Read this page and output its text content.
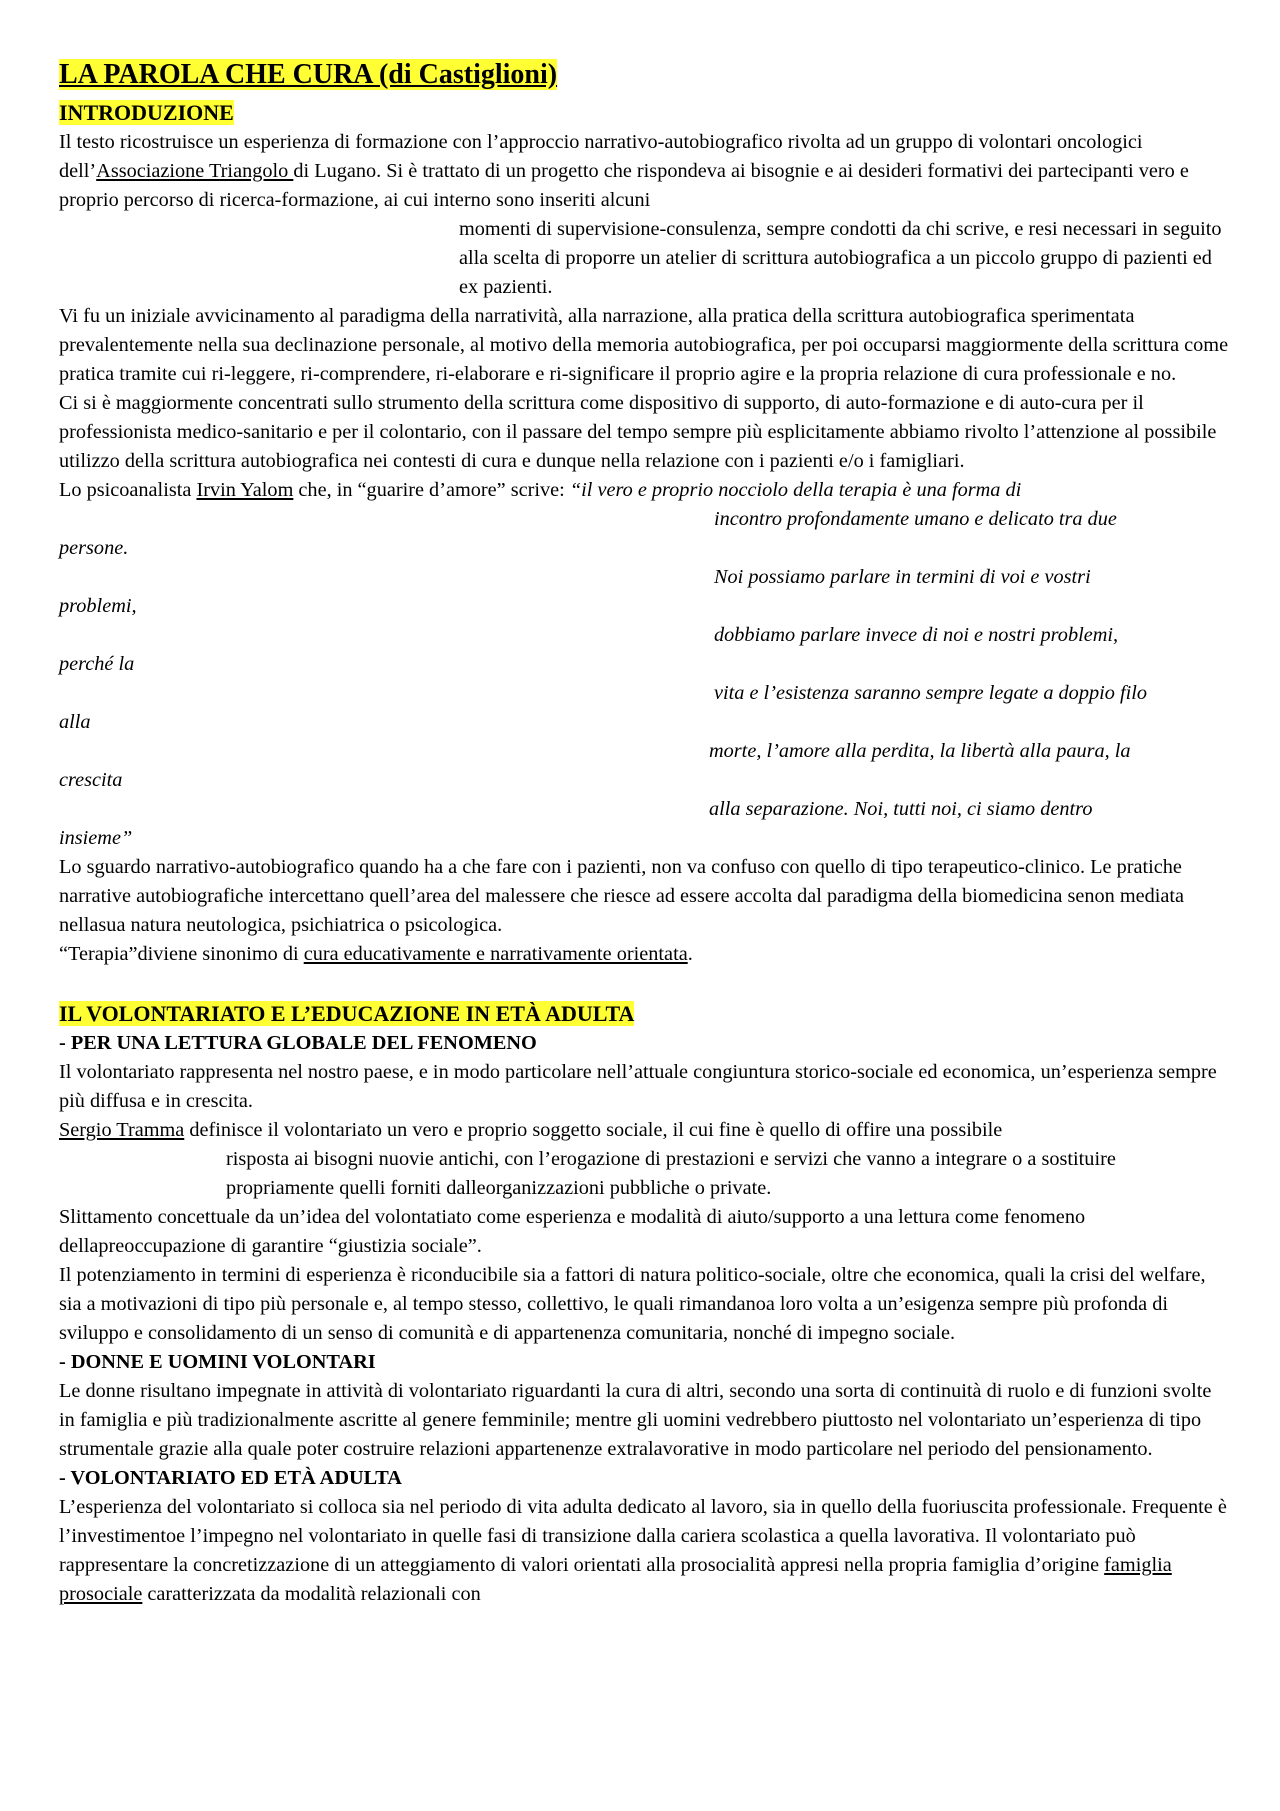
LA PAROLA CHE CURA (di Castiglioni)

INTRODUZIONE

Il testo ricostruisce un esperienza di formazione con l’approccio narrativo-autobiografico rivolta ad un gruppo di volontari oncologici dell’Associazione Triangolo di Lugano. Si è trattato di un progetto che rispondeva ai bisognie e ai desideri formativi dei partecipanti vero e proprio percorso di ricerca-formazione, ai cui interno sono inseriti alcuni

momenti di supervisione-consulenza, sempre condotti da chi scrive, e resi necessari in seguito alla scelta di proporre un atelier di scrittura autobiografica a un piccolo gruppo di pazienti ed ex pazienti.

Vi fu un iniziale avvicinamento al paradigma della narratività, alla narrazione, alla pratica della scrittura autobiografica sperimentata prevalentemente nella sua declinazione personale, al motivo della memoria autobiografica, per poi occuparsi maggiormente della scrittura come pratica tramite cui ri-leggere, ri-comprendere, ri-elaborare e ri-significare il proprio agire e la propria relazione di cura professionale e no.

Ci si è maggiormente concentrati sullo strumento della scrittura come dispositivo di supporto, di auto-formazione e di auto-cura per il professionista medico-sanitario e per il colontario, con il passare del tempo sempre più esplicitamente abbiamo rivolto l’attenzione al possibile utilizzo della scrittura autobiografica nei contesti di cura e dunque nella relazione con i pazienti e/o i famigliari.

Lo psicoanalista Irvin Yalom che, in “guarire d’amore” scrive: “il vero e proprio nocciolo della terapia è una forma di

incontro profondamente umano e delicato tra due

persone.

Noi possiamo parlare in termini di voi e vostri

problemi,

dobbiamo parlare invece di noi e nostri problemi,

perché la

vita e l’esistenza saranno sempre legate a doppio filo

alla

morte, l’amore alla perdita, la libertà alla paura, la

crescita

alla separazione. Noi, tutti noi, ci siamo dentro

insieme”

Lo sguardo narrativo-autobiografico quando ha a che fare con i pazienti, non va confuso con quello di tipo terapeutico-clinico. Le pratiche narrative autobiografiche intercettano quell’area del malessere che riesce ad essere accolta dal paradigma della biomedicina senon mediata nellasua natura neutologica, psichiatrica o psicologica.

“Terapia”diviene sinonimo di cura educativamente e narrativamente orientata.

IL VOLONTARIATO E L’EDUCAZIONE IN ETÀ ADULTA

- PER UNA LETTURA GLOBALE DEL FENOMENO

Il volontariato rappresenta nel nostro paese, e in modo particolare nell’attuale congiuntura storico-sociale ed economica, un’esperienza sempre più diffusa e in crescita.

Sergio Tramma definisce il volontariato un vero e proprio soggetto sociale, il cui fine è quello di offire una possibile

risposta ai bisogni nuovie antichi, con l’erogazione di prestazioni e servizi che vanno a integrare o a sostituire propriamente quelli forniti dalleorganizzazioni pubbliche o private.

Slittamento concettuale da un’idea del volontatiato come esperienza e modalità di aiuto/supporto a una lettura come fenomeno dellapreoccupazione di garantire “giustizia sociale”.

Il potenziamento in termini di esperienza è riconducibile sia a fattori di natura politico-sociale, oltre che economica, quali la crisi del welfare, sia a motivazioni di tipo più personale e, al tempo stesso, collettivo, le quali rimandanoa loro volta a un’esigenza sempre più profonda di sviluppo e consolidamento di un senso di comunità e di appartenenza comunitaria, nonché di impegno sociale.

- DONNE E UOMINI VOLONTARI

Le donne risultano impegnate in attività di volontariato riguardanti la cura di altri, secondo una sorta di continuità di ruolo e di funzioni svolte in famiglia e più tradizionalmente ascritte al genere femminile; mentre gli uomini vedrebbero piuttosto nel volontariato un’esperienza di tipo strumentale grazie alla quale poter costruire relazioni appartenenze extralavorative in modo particolare nel periodo del pensionamento.

- VOLONTARIATO ED ETÀ ADULTA

L’esperienza del volontariato si colloca sia nel periodo di vita adulta dedicato al lavoro, sia in quello della fuoriuscita professionale. Frequente è l’investimentoe l’impegno nel volontariato in quelle fasi di transizione dalla cariera scolastica a quella lavorativa. Il volontariato può rappresentare la concretizzazione di un atteggiamento di valori orientati alla prosocialità appresi nella propria famiglia d’origine famiglia prosociale caratterizzata da modalità relazionali con
